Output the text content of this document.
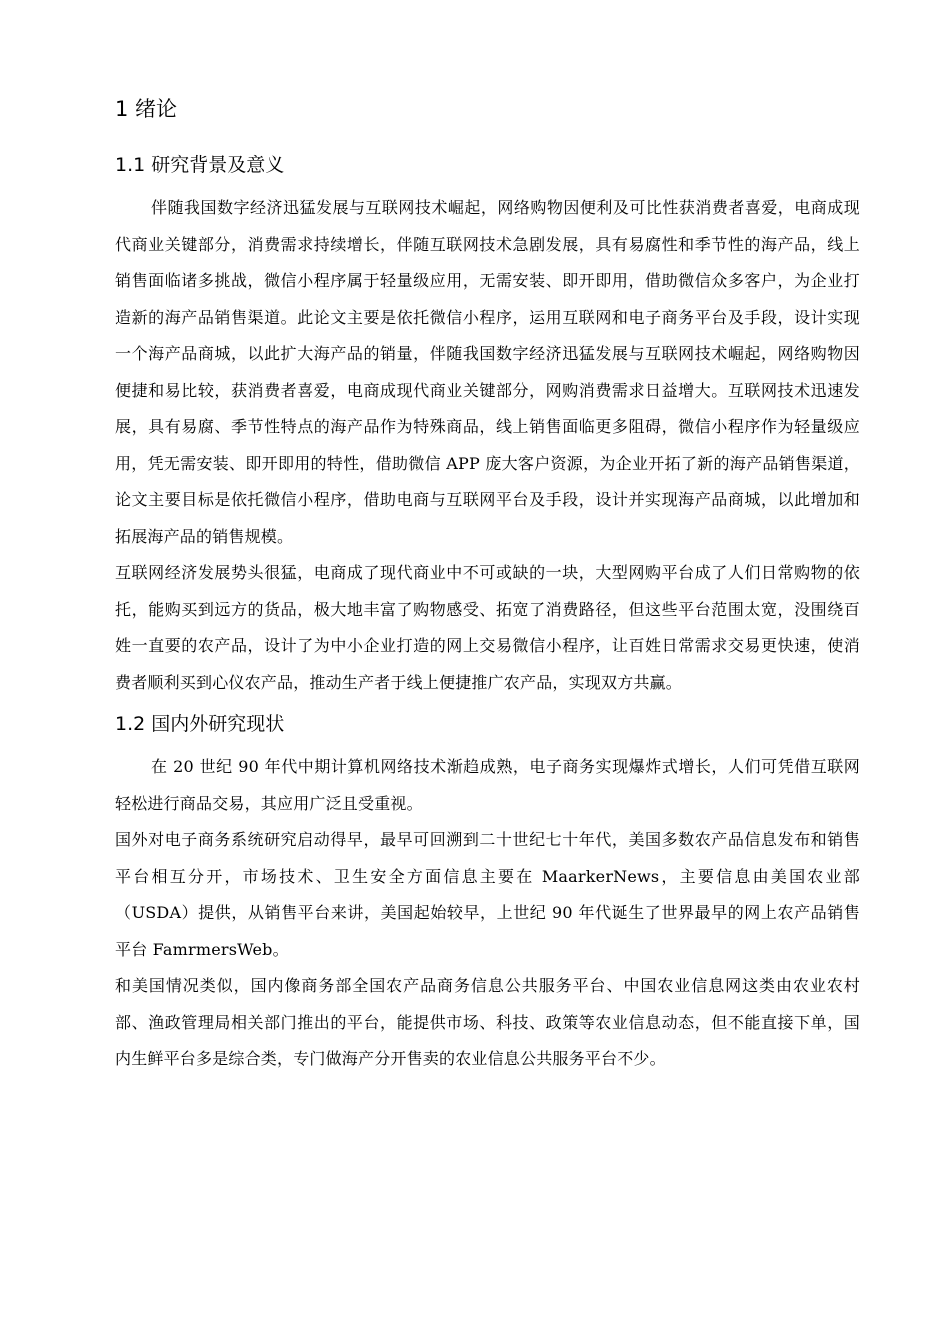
1 绪论
1.1 研究背景及意义

伴随我国数字经济迅猛发展与互联网技术崛起，网络购物因便利及可比性获消费者喜爱，电商成现代商业关键部分，消费需求持续增长，伴随互联网技术急剧发展，具有易腐性和季节性的海产品，线上销售面临诸多挑战，微信小程序属于轻量级应用，无需安装、即开即用，借助微信众多客户，为企业打造新的海产品销售渠道。此论文主要是依托微信小程序，运用互联网和电子商务平台及手段，设计实现一个海产品商城，以此扩大海产品的销量，伴随我国数字经济迅猛发展与互联网技术崛起，网络购物因便捷和易比较，获消费者喜爱，电商成现代商业关键部分，网购消费需求日益增大。互联网技术迅速发展，具有易腐、季节性特点的海产品作为特殊商品，线上销售面临更多阻碍，微信小程序作为轻量级应用，凭无需安装、即开即用的特性，借助微信 APP 庞大客户资源，为企业开拓了新的海产品销售渠道，论文主要目标是依托微信小程序，借助电商与互联网平台及手段，设计并实现海产品商城，以此增加和拓展海产品的销售规模。

互联网经济发展势头很猛，电商成了现代商业中不可或缺的一块，大型网购平台成了人们日常购物的依托，能购买到远方的货品，极大地丰富了购物感受、拓宽了消费路径，但这些平台范围太宽，没围绕百姓一直要的农产品，设计了为中小企业打造的网上交易微信小程序，让百姓日常需求交易更快速，使消费者顺利买到心仪农产品，推动生产者于线上便捷推广农产品，实现双方共赢。

1.2 国内外研究现状

在 20 世纪 90 年代中期计算机网络技术渐趋成熟，电子商务实现爆炸式增长，人们可凭借互联网轻松进行商品交易，其应用广泛且受重视。

国外对电子商务系统研究启动得早，最早可回溯到二十世纪七十年代，美国多数农产品信息发布和销售平台相互分开，市场技术、卫生安全方面信息主要在 MaarkerNews，主要信息由美国农业部（USDA）提供，从销售平台来讲，美国起始较早，上世纪 90 年代诞生了世界最早的网上农产品销售平台 FamrmersWeb。

和美国情况类似，国内像商务部全国农产品商务信息公共服务平台、中国农业信息网这类由农业农村部、渔政管理局相关部门推出的平台，能提供市场、科技、政策等农业信息动态，但不能直接下单，国内生鲜平台多是综合类，专门做海产分开售卖的农业信息公共服务平台不少。
